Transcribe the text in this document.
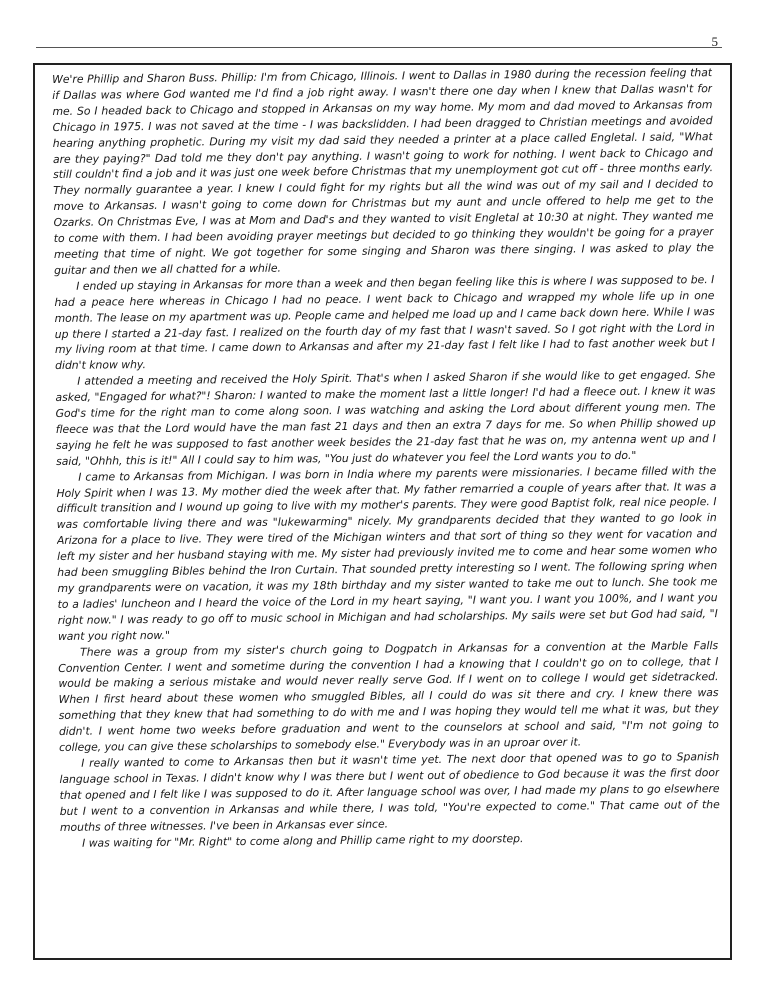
5

We're Phillip and Sharon Buss. Phillip: I'm from Chicago, Illinois. I went to Dallas in 1980 during the recession feeling that if Dallas was where God wanted me I'd find a job right away. I wasn't there one day when I knew that Dallas wasn't for me. So I headed back to Chicago and stopped in Arkansas on my way home. My mom and dad moved to Arkansas from Chicago in 1975. I was not saved at the time - I was backslidden. I had been dragged to Christian meetings and avoided hearing anything prophetic. During my visit my dad said they needed a printer at a place called Engletal. I said, "What are they paying?" Dad told me they don't pay anything. I wasn't going to work for nothing. I went back to Chicago and still couldn't find a job and it was just one week before Christmas that my unemployment got cut off - three months early. They normally guarantee a year. I knew I could fight for my rights but all the wind was out of my sail and I decided to move to Arkansas. I wasn't going to come down for Christmas but my aunt and uncle offered to help me get to the Ozarks. On Christmas Eve, I was at Mom and Dad's and they wanted to visit Engletal at 10:30 at night. They wanted me to come with them. I had been avoiding prayer meetings but decided to go thinking they wouldn't be going for a prayer meeting that time of night. We got together for some singing and Sharon was there singing. I was asked to play the guitar and then we all chatted for a while.

I ended up staying in Arkansas for more than a week and then began feeling like this is where I was supposed to be. I had a peace here whereas in Chicago I had no peace. I went back to Chicago and wrapped my whole life up in one month. The lease on my apartment was up. People came and helped me load up and I came back down here. While I was up there I started a 21-day fast. I realized on the fourth day of my fast that I wasn't saved. So I got right with the Lord in my living room at that time. I came down to Arkansas and after my 21-day fast I felt like I had to fast another week but I didn't know why.

I attended a meeting and received the Holy Spirit. That's when I asked Sharon if she would like to get engaged. She asked, "Engaged for what?"! Sharon: I wanted to make the moment last a little longer! I'd had a fleece out. I knew it was God's time for the right man to come along soon. I was watching and asking the Lord about different young men. The fleece was that the Lord would have the man fast 21 days and then an extra 7 days for me. So when Phillip showed up saying he felt he was supposed to fast another week besides the 21-day fast that he was on, my antenna went up and I said, "Ohhh, this is it!" All I could say to him was, "You just do whatever you feel the Lord wants you to do."

I came to Arkansas from Michigan. I was born in India where my parents were missionaries. I became filled with the Holy Spirit when I was 13. My mother died the week after that. My father remarried a couple of years after that. It was a difficult transition and I wound up going to live with my mother's parents. They were good Baptist folk, real nice people. I was comfortable living there and was "lukewarming" nicely. My grandparents decided that they wanted to go look in Arizona for a place to live. They were tired of the Michigan winters and that sort of thing so they went for vacation and left my sister and her husband staying with me. My sister had previously invited me to come and hear some women who had been smuggling Bibles behind the Iron Curtain. That sounded pretty interesting so I went. The following spring when my grandparents were on vacation, it was my 18th birthday and my sister wanted to take me out to lunch. She took me to a ladies' luncheon and I heard the voice of the Lord in my heart saying, "I want you. I want you 100%, and I want you right now." I was ready to go off to music school in Michigan and had scholarships. My sails were set but God had said, "I want you right now."

There was a group from my sister's church going to Dogpatch in Arkansas for a convention at the Marble Falls Convention Center. I went and sometime during the convention I had a knowing that I couldn't go on to college, that I would be making a serious mistake and would never really serve God. If I went on to college I would get sidetracked. When I first heard about these women who smuggled Bibles, all I could do was sit there and cry. I knew there was something that they knew that had something to do with me and I was hoping they would tell me what it was, but they didn't. I went home two weeks before graduation and went to the counselors at school and said, "I'm not going to college, you can give these scholarships to somebody else." Everybody was in an uproar over it.

I really wanted to come to Arkansas then but it wasn't time yet. The next door that opened was to go to Spanish language school in Texas. I didn't know why I was there but I went out of obedience to God because it was the first door that opened and I felt like I was supposed to do it. After language school was over, I had made my plans to go elsewhere but I went to a convention in Arkansas and while there, I was told, "You're expected to come." That came out of the mouths of three witnesses. I've been in Arkansas ever since.

I was waiting for "Mr. Right" to come along and Phillip came right to my doorstep.
